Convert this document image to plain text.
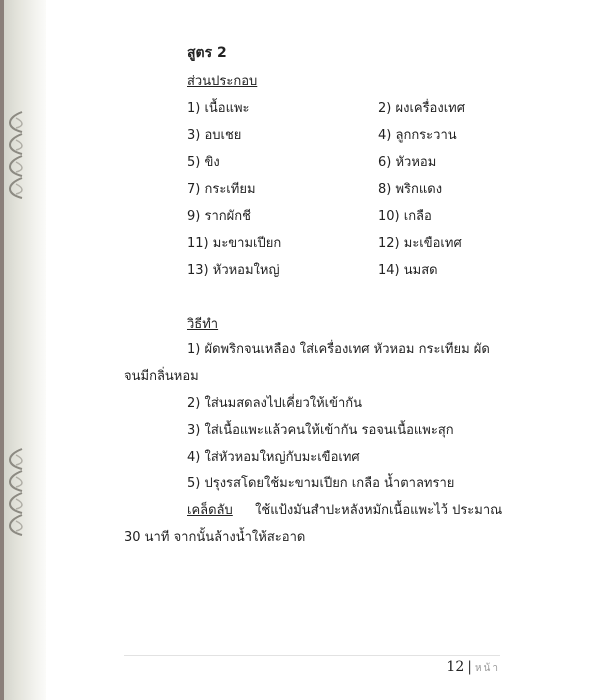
สูตร 2
ส่วนประกอบ
1) เนื้อแพะ	2) ผงเครื่องเทศ
3) อบเชย	4) ลูกกระวาน
5) ขิง	6) หัวหอม
7) กระเทียม	8) พริกแดง
9) รากผักชี	10) เกลือ
11) มะขามเปียก	12) มะเขือเทศ
13) หัวหอมใหญ่	14) นมสด
วิธีทำ
1) ผัดพริกจนเหลือง ใส่เครื่องเทศ หัวหอม กระเทียม ผัด
จนมีกลิ่นหอม
2) ใส่นมสดลงไปเคี่ยวให้เข้ากัน
3) ใส่เนื้อแพะแล้วคนให้เข้ากัน รอจนเนื้อแพะสุก
4) ใส่หัวหอมใหญ่กับมะเขือเทศ
5) ปรุงรสโดยใช้มะขามเปียก เกลือ น้ำตาลทราย
เคล็ดลับ ใช้แป้งมันสำปะหลังหมักเนื้อแพะไว้ ประมาณ
30 นาที จากนั้นล้างน้ำให้สะอาด
12 | หน้า
